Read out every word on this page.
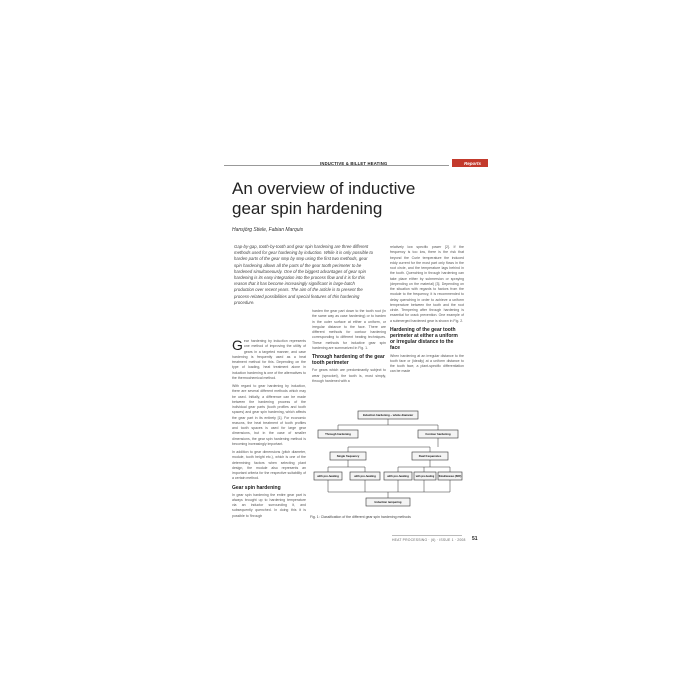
INDUCTIVE & BILLET HEATING	Reports
An overview of inductive gear spin hardening
Hansjörg Stiele, Fabian Marquis

Gap-by-gap, tooth-by-tooth and gear spin hardening are three different methods used for gear hardening by induction. While it is only possible to harden parts of the gear step by step using the first two methods, gear spin hardening allows all the parts of the gear tooth perimeter to be hardened simultaneously. One of the biggest advantages of gear spin hardening is its easy integration into the process flow and it is for this reason that it has become increasingly significant in large-batch production over recent years. The aim of the article is to present the process-related possibilities and special features of this hardening procedure.

Gear hardening by induction represents one method of improving the utility of gears in a targeted manner, and case hardening is frequently used as a heat treatment method for this. Depending on the type of loading, heat treatment alone in induction hardening is one of the alternatives to the thermochemical method.

With regard to gear hardening by induction, there are several different methods which may be used. Initially, a difference can be made between the hardening process of the individual gear parts (tooth profiles and tooth spaces) and gear spin hardening, which affects the gear part in its entirety [1]. For economic reasons, the heat treatment of tooth profiles and tooth spaces is used for large gear dimensions, but in the case of smaller dimensions, the gear spin hardening method is becoming increasingly important.

In addition to gear dimensions (pitch diameter, module, tooth height etc.), which is one of the determining factors when selecting plant design, the module also represents an important criteria for the respective suitability of a certain method.

Gear spin hardening

In gear spin hardening the entire gear part is always brought up to hardening temperature via an inductor surrounding it, and subsequently quenched. In doing this it is possible to 'through

harden the gear part down to the tooth root (in the same way as case hardening) or to harden in the outer surface at either a uniform, or irregular distance to the face. There are different methods for contour hardening corresponding to different heating techniques. These methods for inductive gear spin hardening are summarized in Fig. 1.

Through hardening of the gear tooth perimeter

For gears which are predominantly subject to wear (sprocket), the tooth is, most simply, through hardened with a

relatively low specific power [2]. If the frequency is too low, there is the risk that beyond the Curie temperature the induced eddy current for the most part only flows in the root circle, and the temperature lags behind in the tooth. Quenching in through hardening can take place either by submersion or spraying (depending on the material) [3]. Depending on the situation with regards to factors from the module to the frequency, it is recommended to delay quenching in order to achieve a uniform temperature between the tooth and the root circle. Tempering after through hardening is essential for crack prevention. One example of a submerged hardened gear is shown in Fig. 2.

Hardening of the gear tooth perimeter at either a uniform or irregular distance to the face

When hardening at an irregular distance to the tooth face or (ideally) at a uniform distance to the tooth face, a plant-specific differentiation can be made

Induction hardening – whole diameter
Through hardening	Contour hardening
Single frequency	Dual frequencies
with pre-heating	with pre-heating	with pre-heating	with pre-heating Simultaneous (SDF)
Induction tempering
Fig. 1: Classification of the different gear spin hardening methods
HEAT PROCESSING · (6) · ISSUE 1 · 2008 51
